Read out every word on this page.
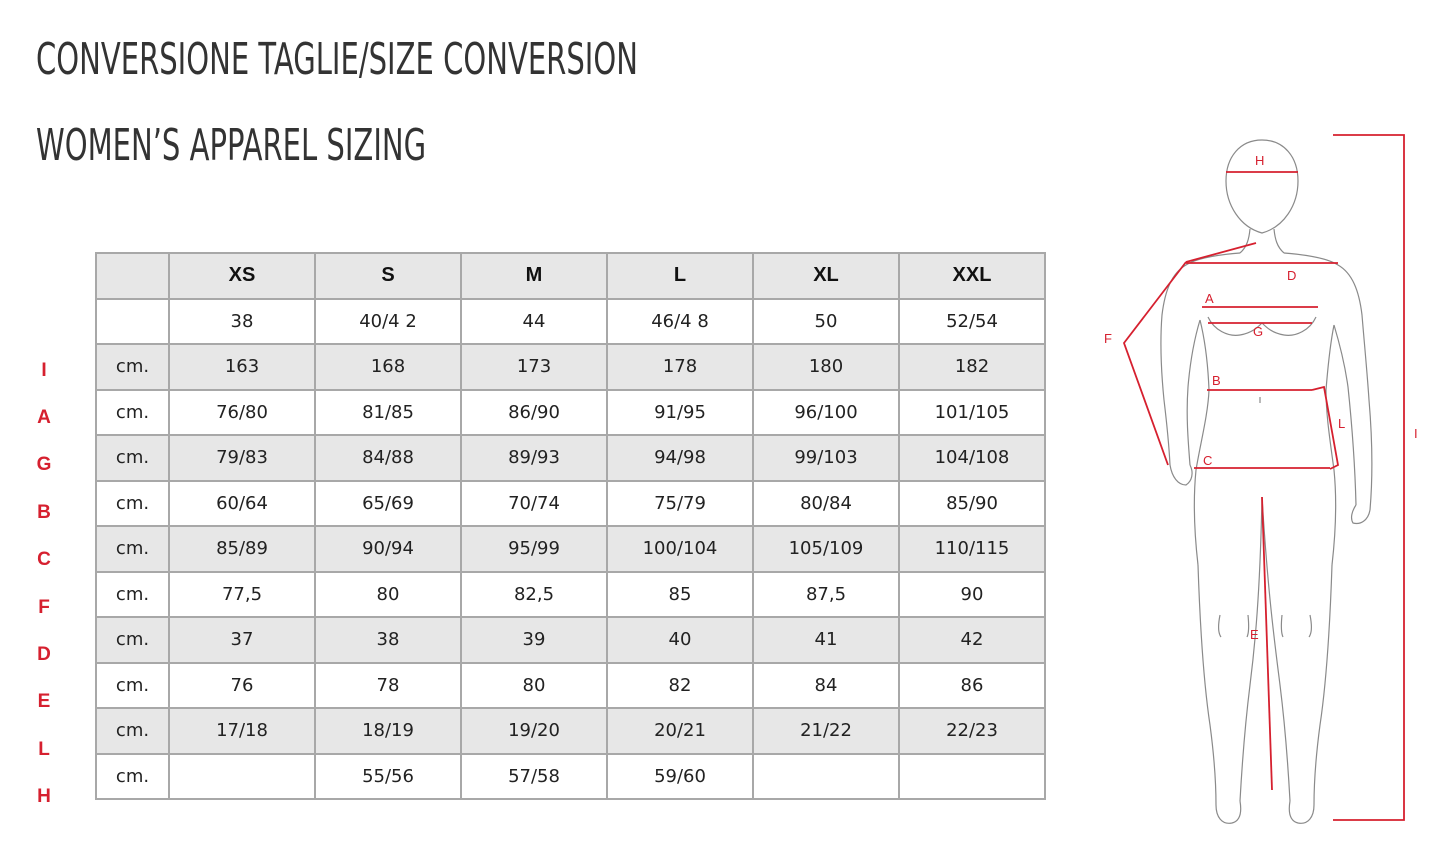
CONVERSIONE TAGLIE/SIZE CONVERSION
WOMEN’S APPAREL SIZING
I
A
G
B
C
F
D
E
L
H
	XS	S	M	L	XL	XXL
	38	40/4 2	44	46/4 8	50	52/54
cm.	163	168	173	178	180	182
cm.	76/80	81/85	86/90	91/95	96/100	101/105
cm.	79/83	84/88	89/93	94/98	99/103	104/108
cm.	60/64	65/69	70/74	75/79	80/84	85/90
cm.	85/89	90/94	95/99	100/104	105/109	110/115
cm.	77,5	80	82,5	85	87,5	90
cm.	37	38	39	40	41	42
cm.	76	78	80	82	84	86
cm.	17/18	18/19	19/20	20/21	21/22	22/23
cm.		55/56	57/58	59/60		
H
D
A
G
F
B
L
C
E
I
